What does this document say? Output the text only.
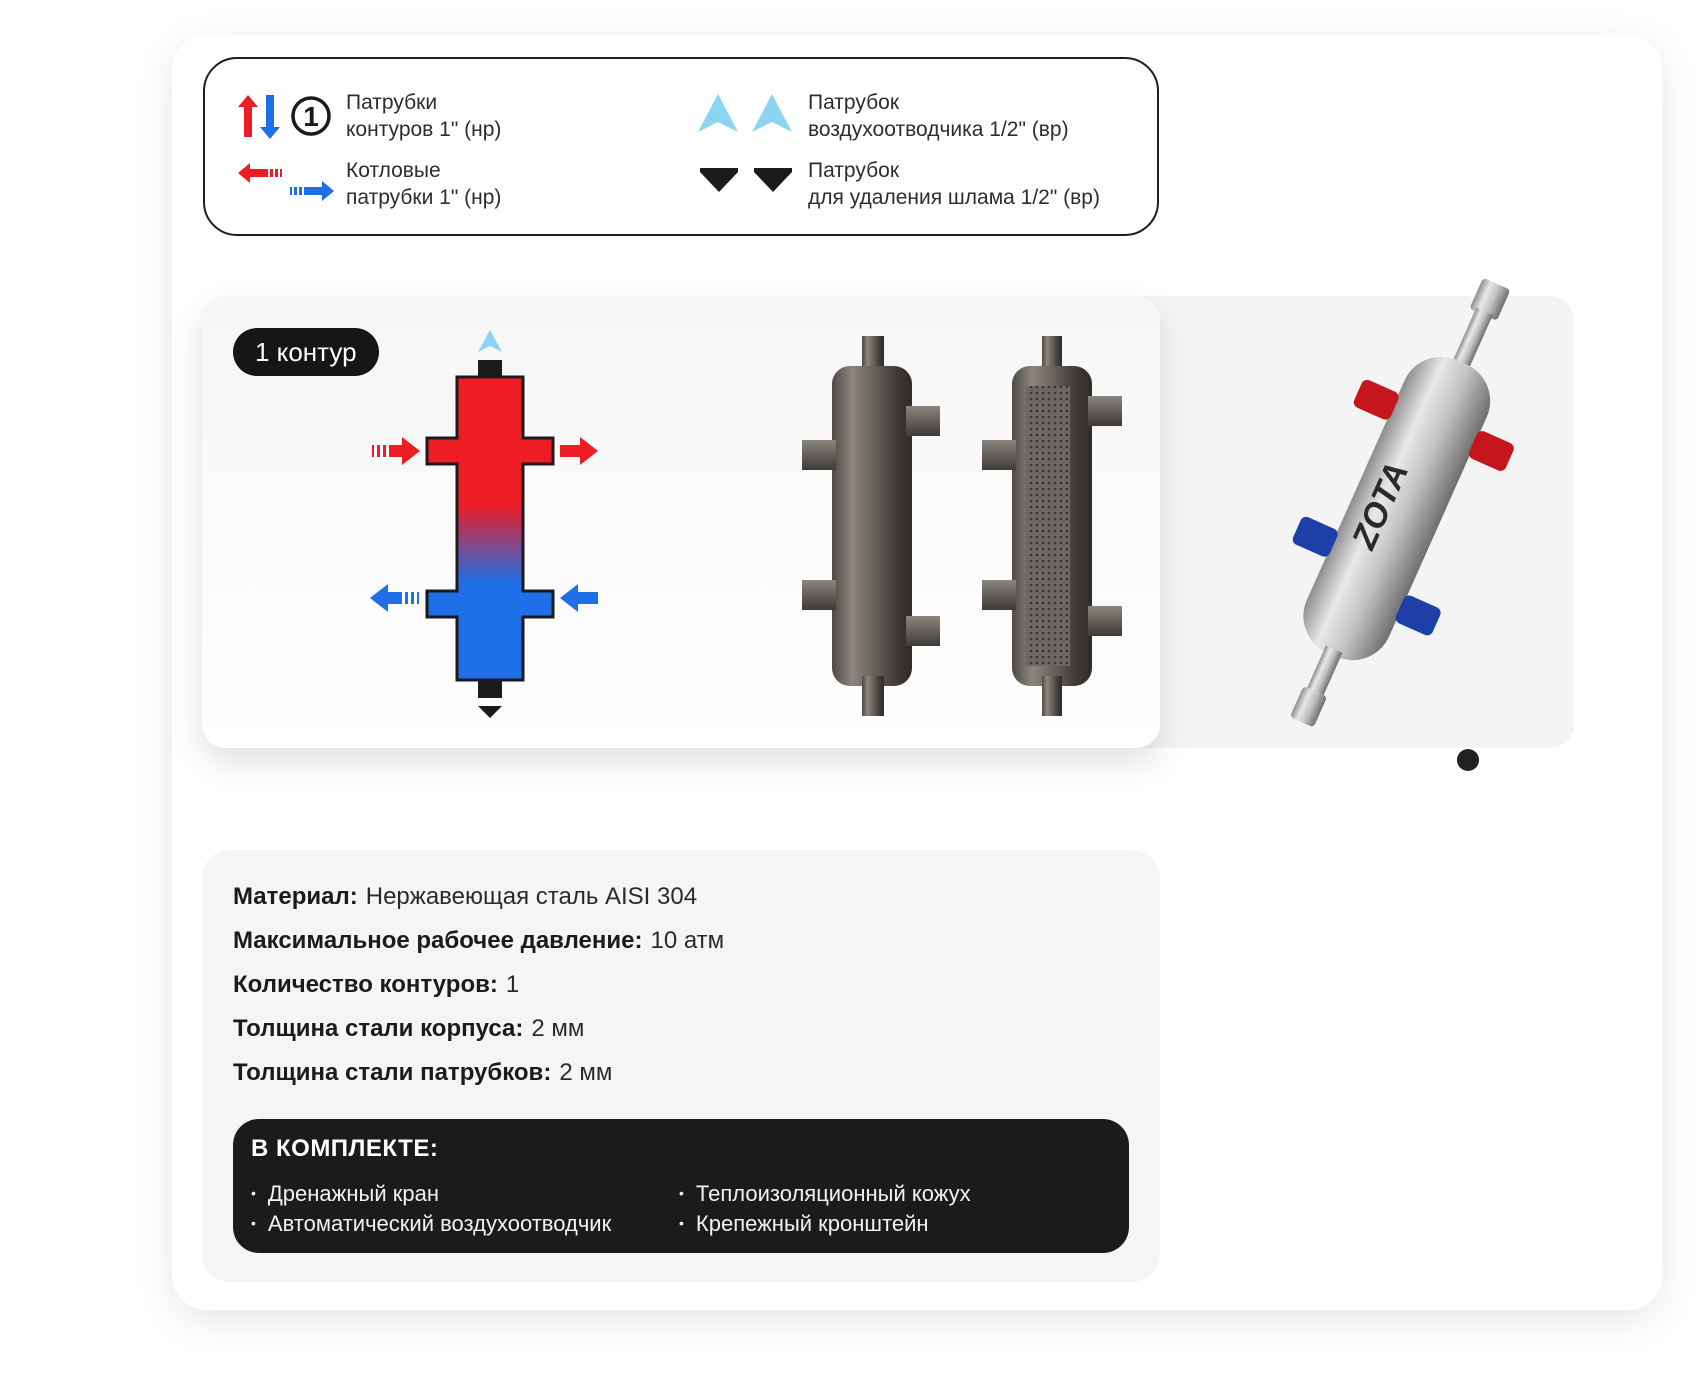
1 Патрубки
контуров 1" (нр)
Котловые
патрубки 1" (нр)
Патрубок
воздухоотводчика 1/2" (вр)
Патрубок
для удаления шлама 1/2" (вр)
1 контур
ZOTA
Материал: Нержавеющая сталь AISI 304
Максимальное рабочее давление: 10 атм
Количество контуров: 1
Толщина стали корпуса: 2 мм
Толщина стали патрубков: 2 мм
В КОМПЛЕКТЕ:
• Дренажный кран
• Автоматический воздухоотводчик
• Теплоизоляционный кожух
• Крепежный кронштейн
